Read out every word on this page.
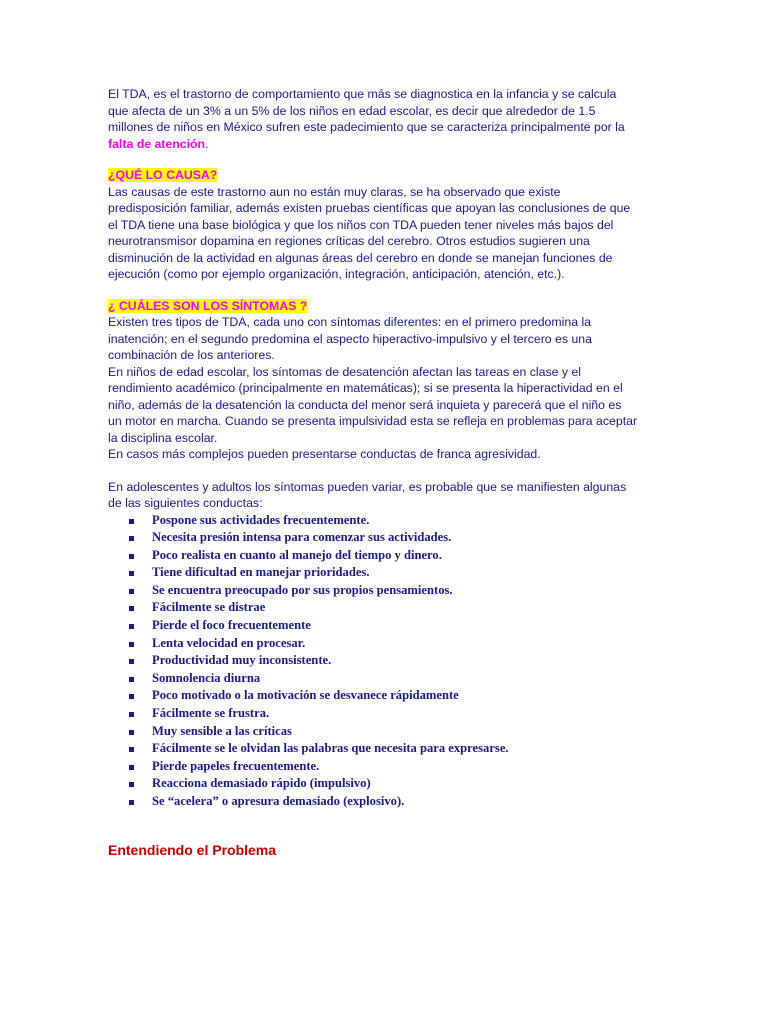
El TDA, es el trastorno de comportamiento que más se diagnostica en la infancia y se calcula que afecta de un 3% a un 5% de los niños en edad escolar, es decir que alrededor de 1.5 millones de niños en México sufren este padecimiento que se caracteriza principalmente por la falta de atención.

¿QUÉ LO CAUSA?

Las causas de este trastorno aun no están muy claras, se ha observado que existe predisposición familiar, además existen pruebas científicas que apoyan las conclusiones de que el TDA tiene una base biológica y que los niños con TDA pueden tener niveles más bajos del neurotransmisor dopamina en regiones críticas del cerebro. Otros estudios sugieren una disminución de la actividad en algunas áreas del cerebro en donde se manejan funciones de ejecución (como por ejemplo organización, integración, anticipación, atención, etc.).

¿ CUÁLES SON LOS SÍNTOMAS ?

Existen tres tipos de TDA, cada uno con síntomas diferentes: en el primero predomina la inatención; en el segundo predomina el aspecto hiperactivo-impulsivo y el tercero es una combinación de los anteriores.

En niños de edad escolar, los síntomas de desatención afectan las tareas en clase y el rendimiento académico (principalmente en matemáticas); si se presenta la hiperactividad en el niño, además de la desatención la conducta del menor será inquieta y parecerá que el niño es un motor en marcha. Cuando se presenta impulsividad esta se refleja en problemas para aceptar la disciplina escolar.

En casos más complejos pueden presentarse conductas de franca agresividad.

En adolescentes y adultos los síntomas pueden variar, es probable que se manifiesten algunas de las siguientes conductas:

Pospone sus actividades frecuentemente.
Necesita presión intensa para comenzar sus actividades.
Poco realista en cuanto al manejo del tiempo y dinero.
Tiene dificultad en manejar prioridades.
Se encuentra preocupado por sus propios pensamientos.
Fácilmente se distrae
Pierde el foco frecuentemente
Lenta velocidad en procesar.
Productividad muy inconsistente.
Somnolencia diurna
Poco motivado o la motivación se desvanece rápidamente
Fácilmente se frustra.
Muy sensible a las críticas
Fácilmente se le olvidan las palabras que necesita para expresarse.
Pierde papeles frecuentemente.
Reacciona demasiado rápido (impulsivo)
Se “acelera” o apresura demasiado (explosivo).
Entendiendo el Problema
